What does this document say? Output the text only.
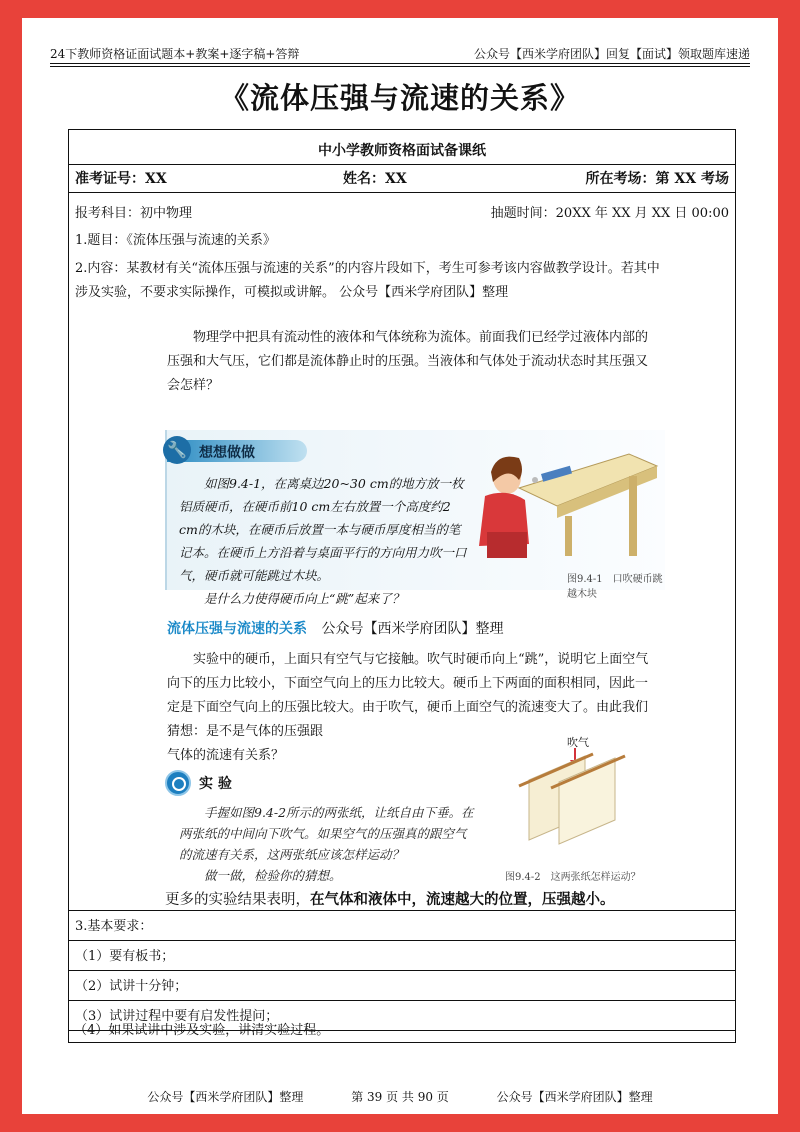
24下教师资格证面试题本+教案+逐字稿+答辩	公众号【西米学府团队】回复【面试】领取题库速递
《流体压强与流速的关系》
中小学教师资格面试备课纸
准考证号：XX	姓名：XX	所在考场：第 XX 考场
报考科目：初中物理	抽题时间：20XX 年 XX 月 XX 日 00:00
1.题目：《流体压强与流速的关系》
2.内容：某教材有关“流体压强与流速的关系”的内容片段如下，考生可参考该内容做教学设计。若其中
涉及实验，不要求实际操作，可模拟或讲解。 公众号【西米学府团队】整理
物理学中把具有流动性的液体和气体统称为流体。前面我们已经学过液体内部的压强和大气压，它们都是流体静止时的压强。当液体和气体处于流动状态时其压强又会怎样？
🔧 想想做做
如图9.4-1，在离桌边20~30 cm的地方放一枚铝质硬币，在硬币前10 cm左右放置一个高度约2 cm的木块，在硬币后放置一本与硬币厚度相当的笔记本。在硬币上方沿着与桌面平行的方向用力吹一口气，硬币就可能跳过木块。
是什么力使得硬币向上“跳”起来了？
图9.4-1　口吹硬币跳越木块
流体压强与流速的关系 公众号【西米学府团队】整理
实验中的硬币，上面只有空气与它接触。吹气时硬币向上“跳”，说明它上面空气向下的压力比较小，下面空气向上的压力比较大。硬币上下两面的面积相同，因此一定是下面空气向上的压强比较大。由于吹气，硬币上面空气的流速变大了。由此我们猜想：是不是气体的压强跟
气体的流速有关系？
实 验
手握如图9.4-2所示的两张纸，让纸自由下垂。在两张纸的中间向下吹气。如果空气的压强真的跟空气的流速有关系，这两张纸应该怎样运动？
做一做，检验你的猜想。
吹气
图9.4-2　这两张纸怎样运动？
更多的实验结果表明，在气体和液体中，流速越大的位置，压强越小。
3.基本要求：
（1）要有板书；
（2）试讲十分钟；
（3）试讲过程中要有启发性提问；
（4）如果试讲中涉及实验，讲清实验过程。
公众号【西米学府团队】整理	第 39 页 共 90 页	公众号【西米学府团队】整理
